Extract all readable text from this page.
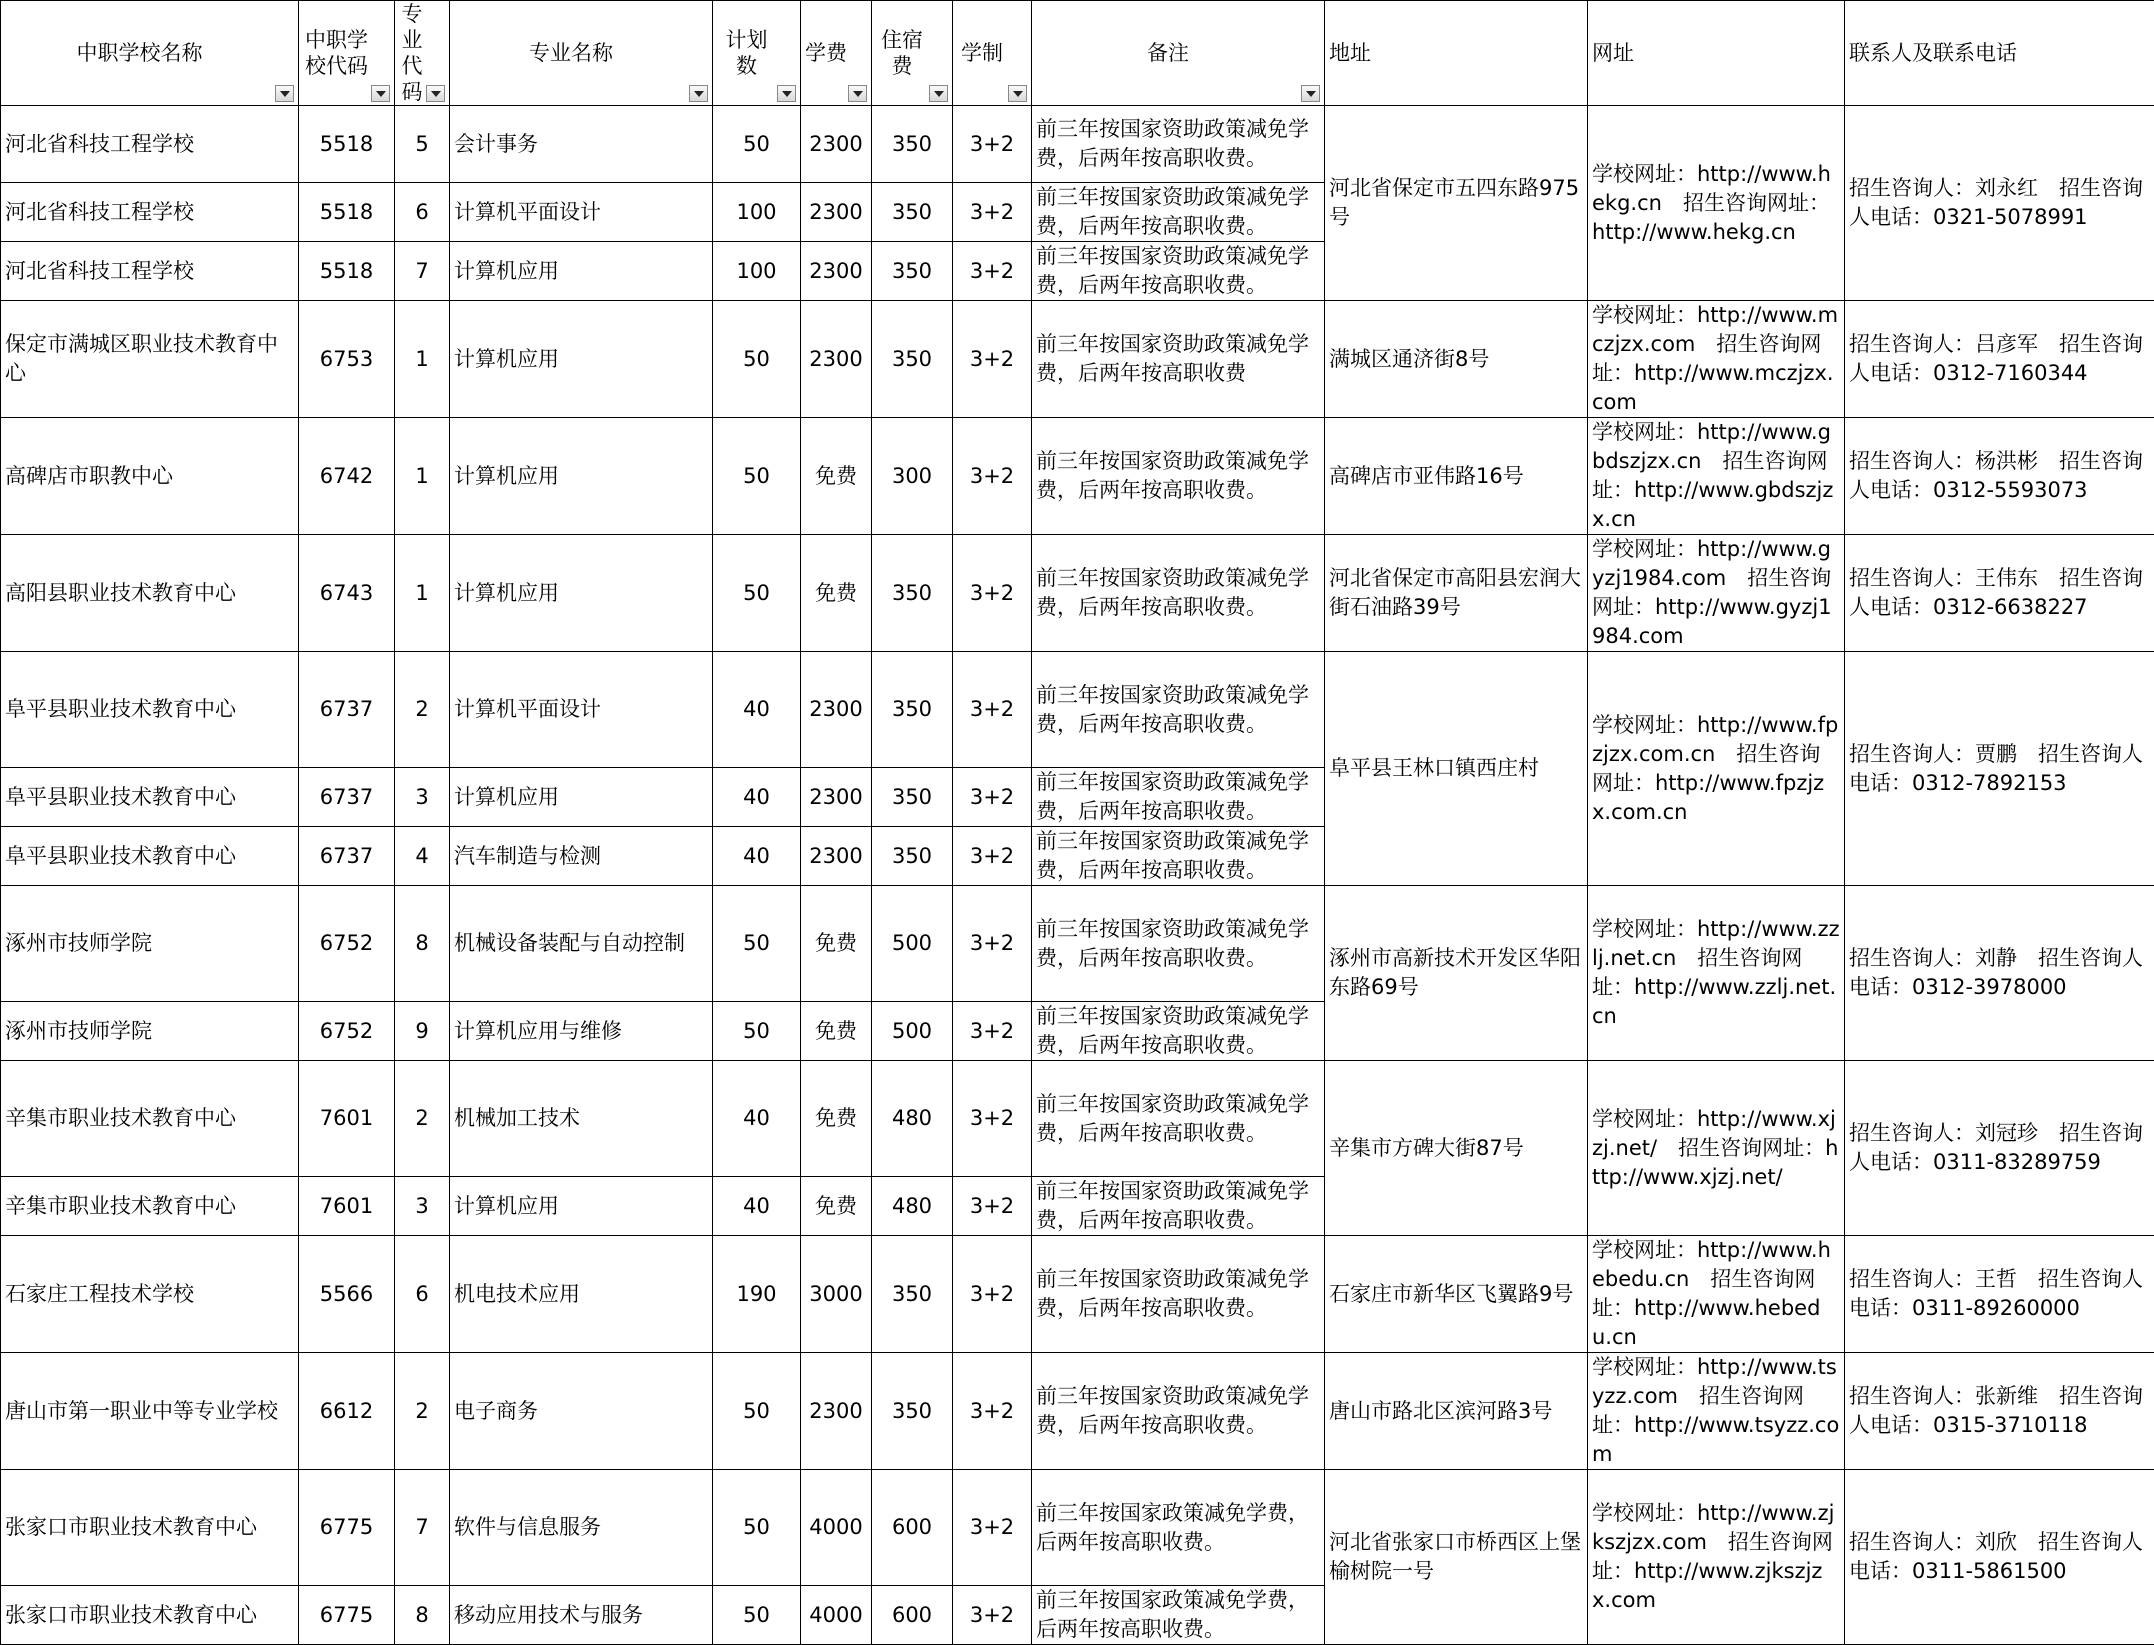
中职学校名称	中职学校代码	专业代码	专业名称	计划数	学费	住宿费	学制	备注	地址	网址	联系人及联系电话
河北省科技工程学校	5518	5	会计事务	50	2300	350	3+2	前三年按国家资助政策减免学费，后两年按高职收费。	河北省保定市五四东路975号	学校网址：http://www.hekg.cn　招生咨询网址：http://www.hekg.cn	招生咨询人：刘永红　招生咨询人电话：0321-5078991
河北省科技工程学校	5518	6	计算机平面设计	100	2300	350	3+2	前三年按国家资助政策减免学费，后两年按高职收费。			
河北省科技工程学校	5518	7	计算机应用	100	2300	350	3+2	前三年按国家资助政策减免学费，后两年按高职收费。			
保定市满城区职业技术教育中心	6753	1	计算机应用	50	2300	350	3+2	前三年按国家资助政策减免学费，后两年按高职收费	满城区通济街8号	学校网址：http://www.mczjzx.com　招生咨询网址：http://www.mczjzx.com	招生咨询人：吕彦军　招生咨询人电话：0312-7160344
高碑店市职教中心	6742	1	计算机应用	50	免费	300	3+2	前三年按国家资助政策减免学费，后两年按高职收费。	高碑店市亚伟路16号	学校网址：http://www.gbdszjzx.cn　招生咨询网址：http://www.gbdszjzx.cn	招生咨询人：杨洪彬　招生咨询人电话：0312-5593073
高阳县职业技术教育中心	6743	1	计算机应用	50	免费	350	3+2	前三年按国家资助政策减免学费，后两年按高职收费。	河北省保定市高阳县宏润大街石油路39号	学校网址：http://www.gyzj1984.com　招生咨询网址：http://www.gyzj1984.com	招生咨询人：王伟东　招生咨询人电话：0312-6638227
阜平县职业技术教育中心	6737	2	计算机平面设计	40	2300	350	3+2	前三年按国家资助政策减免学费，后两年按高职收费。	阜平县王林口镇西庄村	学校网址：http://www.fpzjzx.com.cn　招生咨询网址：http://www.fpzjzx.com.cn	招生咨询人：贾鹏　招生咨询人电话：0312-7892153
阜平县职业技术教育中心	6737	3	计算机应用	40	2300	350	3+2	前三年按国家资助政策减免学费，后两年按高职收费。			
阜平县职业技术教育中心	6737	4	汽车制造与检测	40	2300	350	3+2	前三年按国家资助政策减免学费，后两年按高职收费。			
涿州市技师学院	6752	8	机械设备装配与自动控制	50	免费	500	3+2	前三年按国家资助政策减免学费，后两年按高职收费。	涿州市高新技术开发区华阳东路69号	学校网址：http://www.zzlj.net.cn　招生咨询网址：http://www.zzlj.net.cn	招生咨询人：刘静　招生咨询人电话：0312-3978000
涿州市技师学院	6752	9	计算机应用与维修	50	免费	500	3+2	前三年按国家资助政策减免学费，后两年按高职收费。			
辛集市职业技术教育中心	7601	2	机械加工技术	40	免费	480	3+2	前三年按国家资助政策减免学费，后两年按高职收费。	辛集市方碑大街87号	学校网址：http://www.xjzj.net/　招生咨询网址：http://www.xjzj.net/	招生咨询人：刘冠珍　招生咨询人电话：0311-83289759
辛集市职业技术教育中心	7601	3	计算机应用	40	免费	480	3+2	前三年按国家资助政策减免学费，后两年按高职收费。			
石家庄工程技术学校	5566	6	机电技术应用	190	3000	350	3+2	前三年按国家资助政策减免学费，后两年按高职收费。	石家庄市新华区飞翼路9号	学校网址：http://www.hebedu.cn　招生咨询网址：http://www.hebedu.cn	招生咨询人：王哲　招生咨询人电话：0311-89260000
唐山市第一职业中等专业学校	6612	2	电子商务	50	2300	350	3+2	前三年按国家资助政策减免学费，后两年按高职收费。	唐山市路北区滨河路3号	学校网址：http://www.tsyzz.com　招生咨询网址：http://www.tsyzz.com	招生咨询人：张新维　招生咨询人电话：0315-3710118
张家口市职业技术教育中心	6775	7	软件与信息服务	50	4000	600	3+2	前三年按国家政策减免学费，后两年按高职收费。	河北省张家口市桥西区上堡榆树院一号	学校网址：http://www.zjkszjzx.com　招生咨询网址：http://www.zjkszjzx.com	招生咨询人：刘欣　招生咨询人电话：0311-5861500
张家口市职业技术教育中心	6775	8	移动应用技术与服务	50	4000	600	3+2	前三年按国家政策减免学费，后两年按高职收费。			
